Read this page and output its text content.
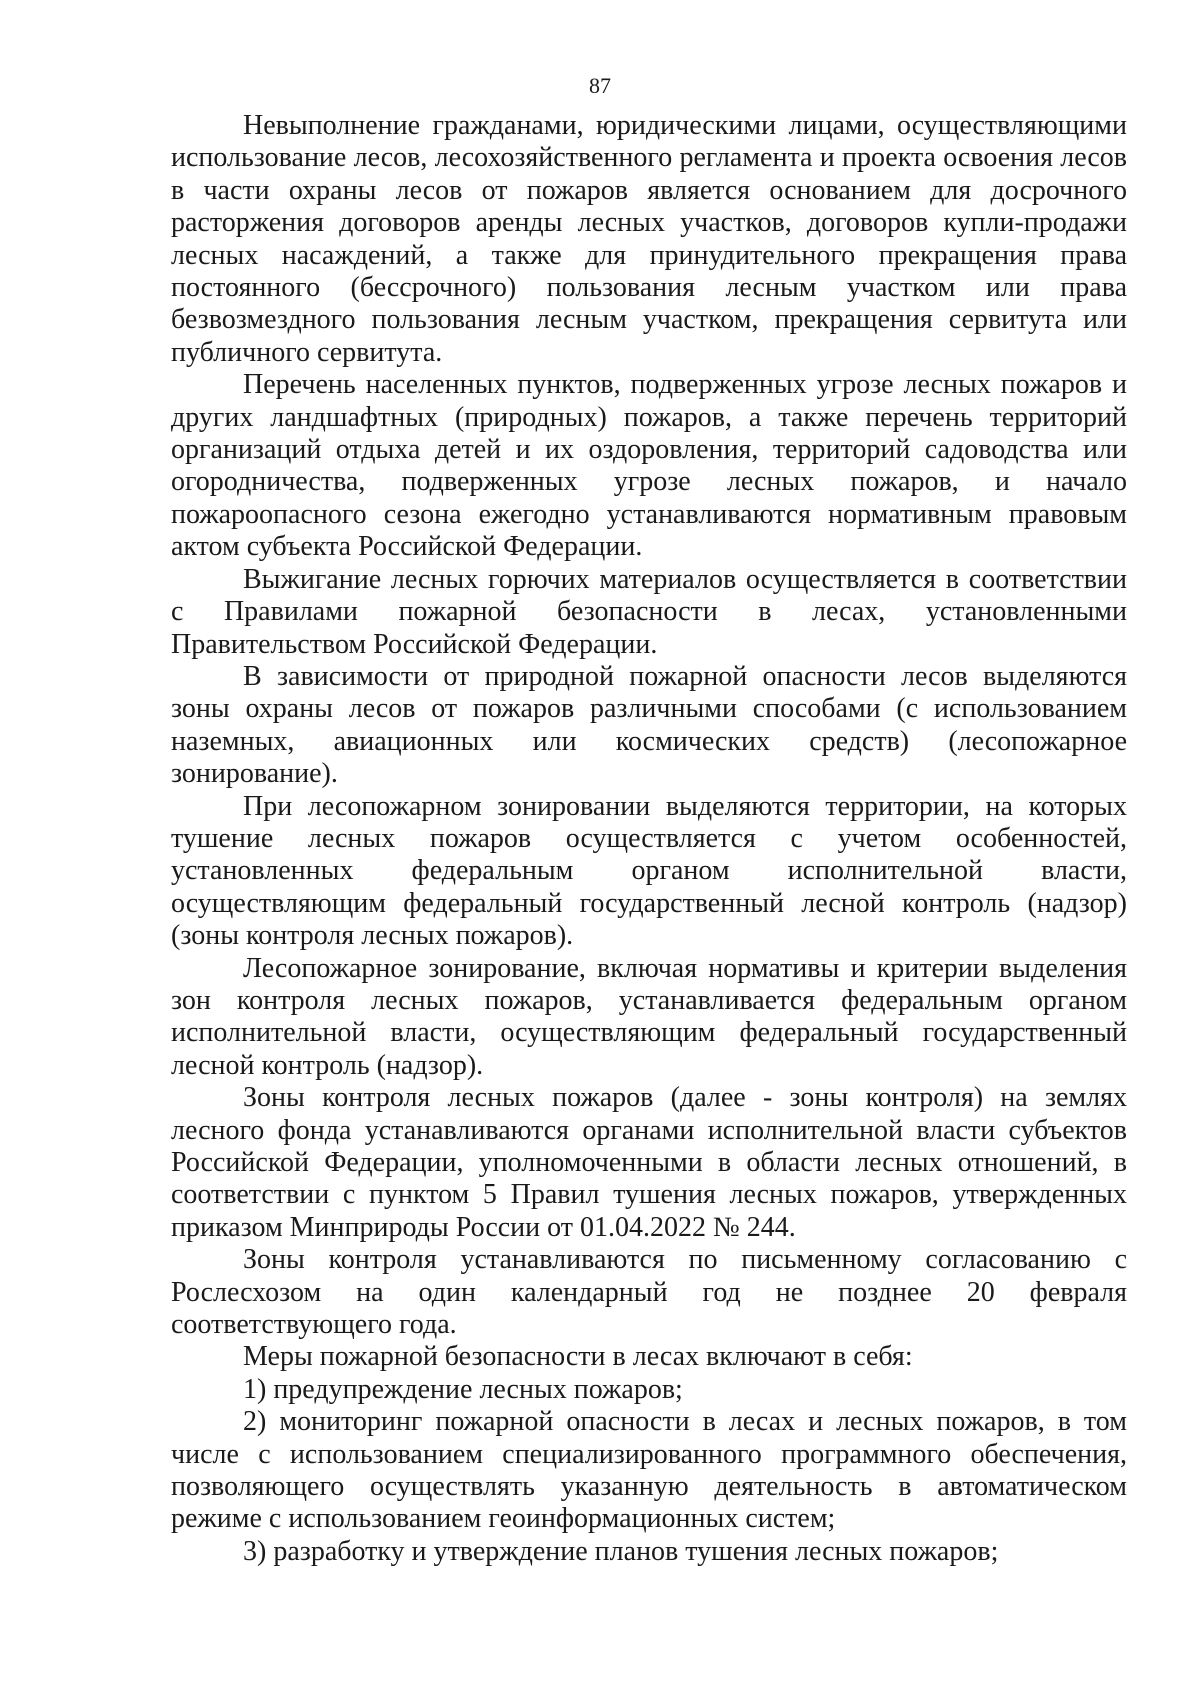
87

Невыполнение гражданами, юридическими лицами, осуществляющими использование лесов, лесохозяйственного регламента и проекта освоения лесов в части охраны лесов от пожаров является основанием для досрочного расторжения договоров аренды лесных участков, договоров купли-продажи лесных насаждений, а также для принудительного прекращения права постоянного (бессрочного) пользования лесным участком или права безвозмездного пользования лесным участком, прекращения сервитута или публичного сервитута.

Перечень населенных пунктов, подверженных угрозе лесных пожаров и других ландшафтных (природных) пожаров, а также перечень территорий организаций отдыха детей и их оздоровления, территорий садоводства или огородничества, подверженных угрозе лесных пожаров, и начало пожароопасного сезона ежегодно устанавливаются нормативным правовым актом субъекта Российской Федерации.

Выжигание лесных горючих материалов осуществляется в соответствии с Правилами пожарной безопасности в лесах, установленными Правительством Российской Федерации.

В зависимости от природной пожарной опасности лесов выделяются зоны охраны лесов от пожаров различными способами (с использованием наземных, авиационных или космических средств) (лесопожарное зонирование).

При лесопожарном зонировании выделяются территории, на которых тушение лесных пожаров осуществляется с учетом особенностей, установленных федеральным органом исполнительной власти, осуществляющим федеральный государственный лесной контроль (надзор) (зоны контроля лесных пожаров).

Лесопожарное зонирование, включая нормативы и критерии выделения зон контроля лесных пожаров, устанавливается федеральным органом исполнительной власти, осуществляющим федеральный государственный лесной контроль (надзор).

Зоны контроля лесных пожаров (далее - зоны контроля) на землях лесного фонда устанавливаются органами исполнительной власти субъектов Российской Федерации, уполномоченными в области лесных отношений, в соответствии с пунктом 5 Правил тушения лесных пожаров, утвержденных приказом Минприроды России от 01.04.2022 № 244.

Зоны контроля устанавливаются по письменному согласованию с Рослесхозом на один календарный год не позднее 20 февраля соответствующего года.

Меры пожарной безопасности в лесах включают в себя:

1) предупреждение лесных пожаров;

2) мониторинг пожарной опасности в лесах и лесных пожаров, в том числе с использованием специализированного программного обеспечения, позволяющего осуществлять указанную деятельность в автоматическом режиме с использованием геоинформационных систем;

3) разработку и утверждение планов тушения лесных пожаров;
